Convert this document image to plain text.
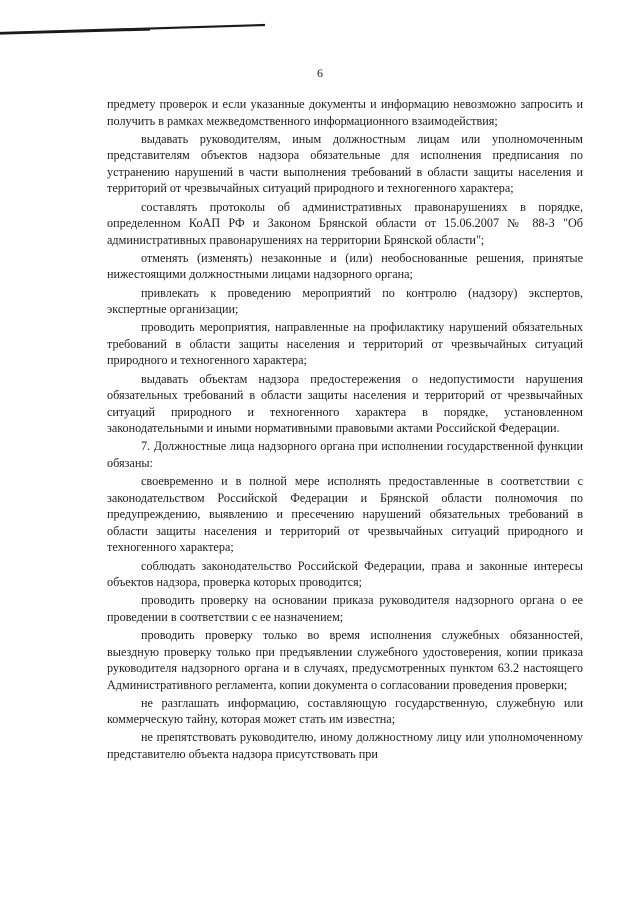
6

предмету проверок и если указанные документы и информацию невозможно запросить и получить в рамках межведомственного информационного взаимодействия;

выдавать руководителям, иным должностным лицам или уполномоченным представителям объектов надзора обязательные для исполнения предписания по устранению нарушений в части выполнения требований в области защиты населения и территорий от чрезвычайных ситуаций природного и техногенного характера;

составлять протоколы об административных правонарушениях в порядке, определенном КоАП РФ и Законом Брянской области от 15.06.2007 № 88-З "Об административных правонарушениях на территории Брянской области";

отменять (изменять) незаконные и (или) необоснованные решения, принятые нижестоящими должностными лицами надзорного органа;

привлекать к проведению мероприятий по контролю (надзору) экспертов, экспертные организации;

проводить мероприятия, направленные на профилактику нарушений обязательных требований в области защиты населения и территорий от чрезвычайных ситуаций природного и техногенного характера;

выдавать объектам надзора предостережения о недопустимости нарушения обязательных требований в области защиты населения и территорий от чрезвычайных ситуаций природного и техногенного характера в порядке, установленном законодательными и иными нормативными правовыми актами Российской Федерации.

7. Должностные лица надзорного органа при исполнении государственной функции обязаны:

своевременно и в полной мере исполнять предоставленные в соответствии с законодательством Российской Федерации и Брянской области полномочия по предупреждению, выявлению и пресечению нарушений обязательных требований в области защиты населения и территорий от чрезвычайных ситуаций природного и техногенного характера;

соблюдать законодательство Российской Федерации, права и законные интересы объектов надзора, проверка которых проводится;

проводить проверку на основании приказа руководителя надзорного органа о ее проведении в соответствии с ее назначением;

проводить проверку только во время исполнения служебных обязанностей, выездную проверку только при предъявлении служебного удостоверения, копии приказа руководителя надзорного органа и в случаях, предусмотренных пунктом 63.2 настоящего Административного регламента, копии документа о согласовании проведения проверки;

не разглашать информацию, составляющую государственную, служебную или коммерческую тайну, которая может стать им известна;

не препятствовать руководителю, иному должностному лицу или уполномоченному представителю объекта надзора присутствовать при
